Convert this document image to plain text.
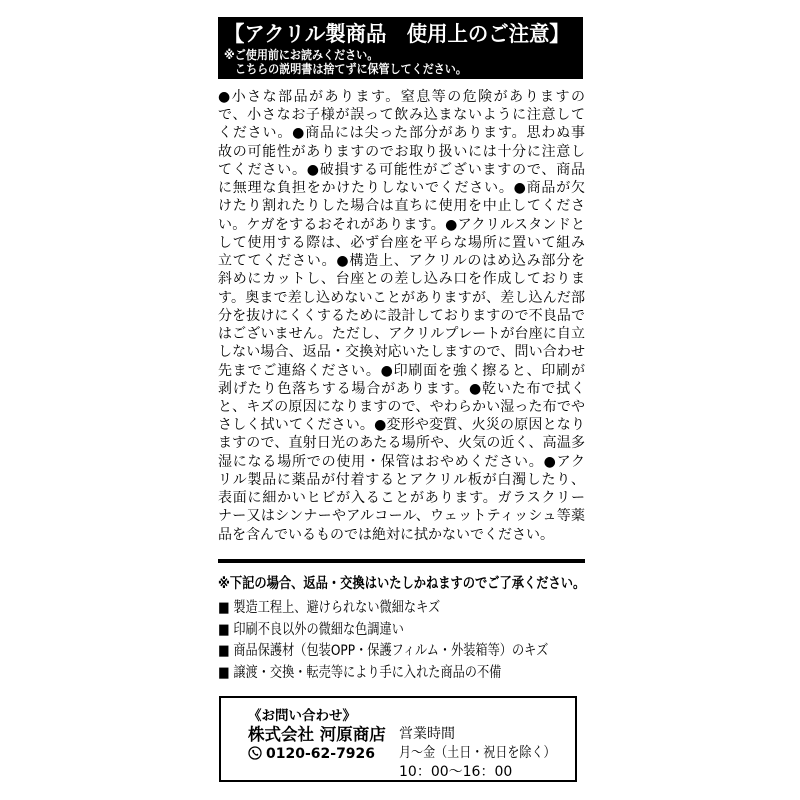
【アクリル製商品　使用上のご注意】
※ご使用前にお読みください。
　こちらの説明書は捨てずに保管してください。
●小さな部品があります。窒息等の危険がありますの
で、小さなお子様が誤って飲み込まないように注意して
ください。●商品には尖った部分があります。思わぬ事
故の可能性がありますのでお取り扱いには十分に注意し
てください。●破損する可能性がございますので、商品
に無理な負担をかけたりしないでください。●商品が欠
けたり割れたりした場合は直ちに使用を中止してくださ
い。ケガをするおそれがあります。●アクリルスタンドと
して使用する際は、必ず台座を平らな場所に置いて組み
立ててください。●構造上、アクリルのはめ込み部分を
斜めにカットし、台座との差し込み口を作成しておりま
す。奥まで差し込めないことがありますが、差し込んだ部
分を抜けにくくするために設計しておりますので不良品で
はございません。ただし、アクリルプレートが台座に自立
しない場合、返品・交換対応いたしますので、問い合わせ
先までご連絡ください。●印刷面を強く擦ると、印刷が
剥げたり色落ちする場合があります。●乾いた布で拭く
と、キズの原因になりますので、やわらかい湿った布でや
さしく拭いてください。●変形や変質、火災の原因となり
ますので、直射日光のあたる場所や、火気の近く、高温多
湿になる場所での使用・保管はおやめください。●アク
リル製品に薬品が付着するとアクリル板が白濁したり、
表面に細かいヒビが入ることがあります。ガラスクリー
ナー又はシンナーやアルコール、ウェットティッシュ等薬
品を含んでいるものでは絶対に拭かないでください。
※下記の場合、返品・交換はいたしかねますのでご了承ください。
■ 製造工程上、避けられない微細なキズ
■ 印刷不良以外の微細な色調違い
■ 商品保護材（包装OPP・保護フィルム・外装箱等）のキズ
■ 譲渡・交換・転売等により手に入れた商品の不備
《お問い合わせ》
株式会社 河原商店
0120-62-7926
営業時間
月～金（土日・祝日を除く）
10：00～16：00
